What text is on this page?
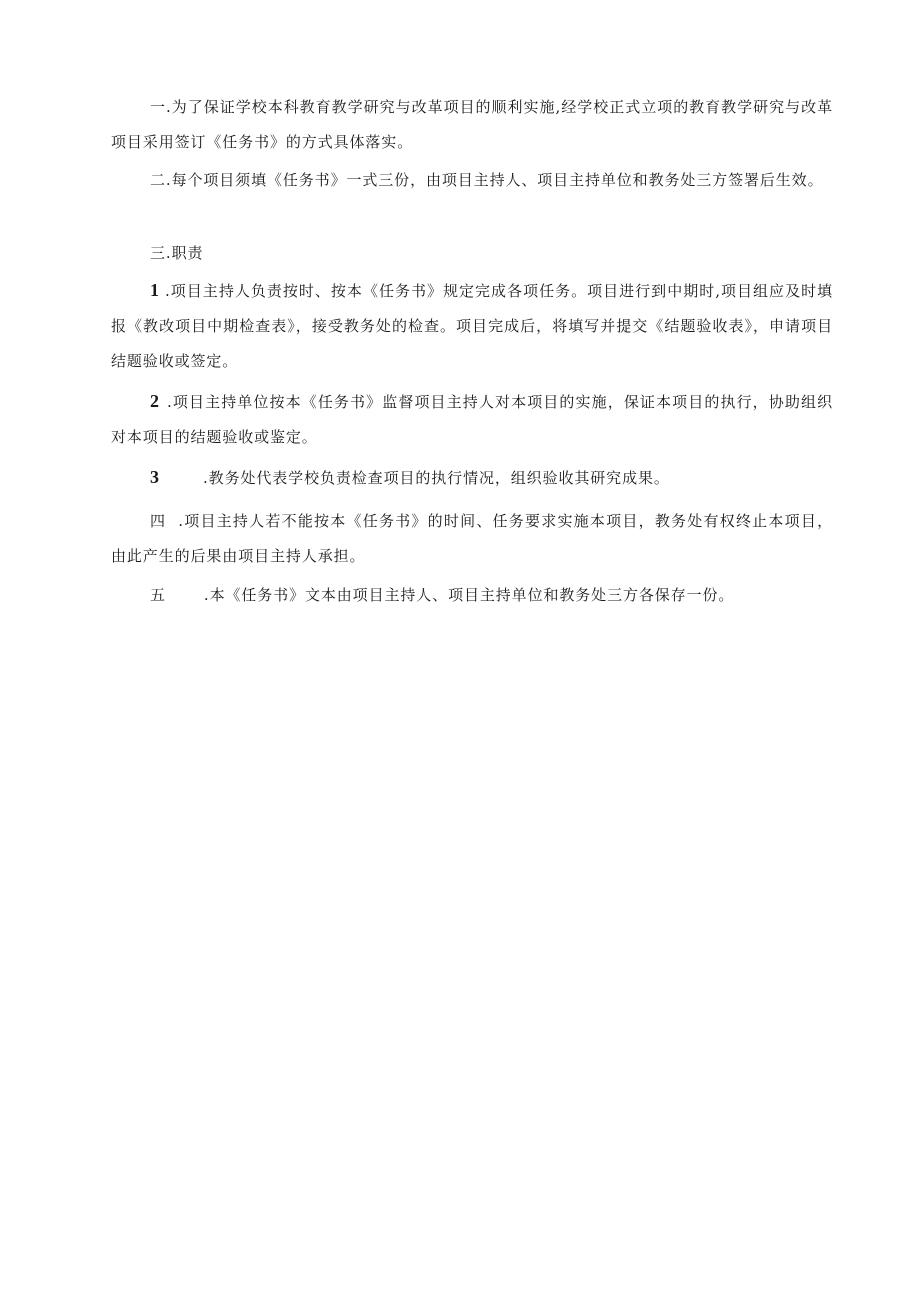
一.为了保证学校本科教育教学研究与改革项目的顺利实施,经学校正式立项的教育教学研究与改革项目采用签订《任务书》的方式具体落实。

二.每个项目须填《任务书》一式三份，由项目主持人、项目主持单位和教务处三方签署后生效。

三.职责

1 .项目主持人负责按时、按本《任务书》规定完成各项任务。项目进行到中期时,项目组应及时填报《教改项目中期检查表》，接受教务处的检查。项目完成后，将填写并提交《结题验收表》，申请项目结题验收或签定。

2 .项目主持单位按本《任务书》监督项目主持人对本项目的实施，保证本项目的执行，协助组织对本项目的结题验收或鉴定。

3	.教务处代表学校负责检查项目的执行情况，组织验收其研究成果。

四 .项目主持人若不能按本《任务书》的时间、任务要求实施本项目，教务处有权终止本项目，由此产生的后果由项目主持人承担。

五	.本《任务书》文本由项目主持人、项目主持单位和教务处三方各保存一份。
